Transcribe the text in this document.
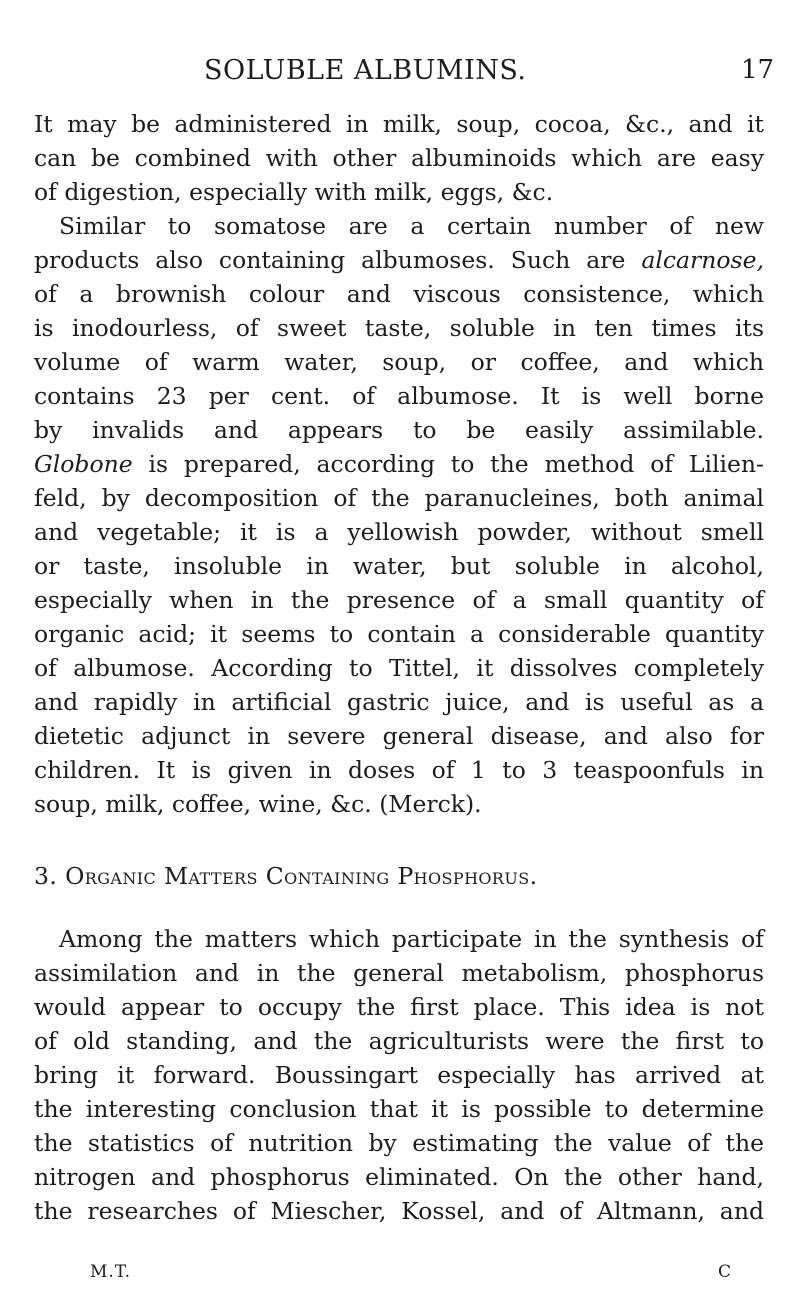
SOLUBLE ALBUMINS.	17
It may be administered in milk, soup, cocoa, &c., and it
can be combined with other albuminoids which are easy
of digestion, especially with milk, eggs, &c.
Similar to somatose are a certain number of new
products also containing albumoses. Such are alcarnose,
of a brownish colour and viscous consistence, which
is inodourless, of sweet taste, soluble in ten times its
volume of warm water, soup, or coffee, and which
contains 23 per cent. of albumose. It is well borne
by invalids and appears to be easily assimilable.
Globone is prepared, according to the method of Lilien-
feld, by decomposition of the paranucleines, both animal
and vegetable; it is a yellowish powder, without smell
or taste, insoluble in water, but soluble in alcohol,
especially when in the presence of a small quantity of
organic acid; it seems to contain a considerable quantity
of albumose. According to Tittel, it dissolves completely
and rapidly in artificial gastric juice, and is useful as a
dietetic adjunct in severe general disease, and also for
children. It is given in doses of 1 to 3 teaspoonfuls in
soup, milk, coffee, wine, &c. (Merck).
3. Organic Matters Containing Phosphorus.
Among the matters which participate in the synthesis of
assimilation and in the general metabolism, phosphorus
would appear to occupy the first place. This idea is not
of old standing, and the agriculturists were the first to
bring it forward. Boussingart especially has arrived at
the interesting conclusion that it is possible to determine
the statistics of nutrition by estimating the value of the
nitrogen and phosphorus eliminated. On the other hand,
the researches of Miescher, Kossel, and of Altmann, and
M.T.	C
